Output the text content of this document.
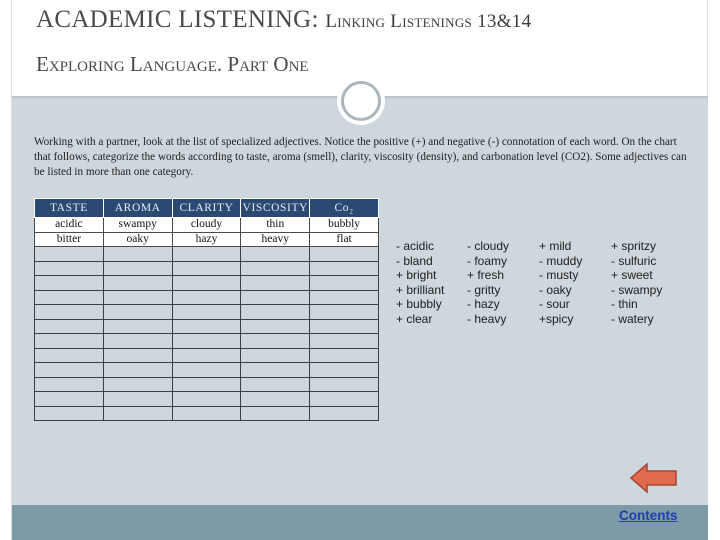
ACADEMIC LISTENING: Linking Listenings 13&14
Exploring Language. Part One
Working with a partner, look at the list of specialized adjectives. Notice the positive (+) and negative (-) connotation of each word. On the chart that follows, categorize the words according to taste, aroma (smell), clarity, viscosity (density), and carbonation level (CO2). Some adjectives can be listed in more than one category.
TASTE	AROMA	CLARITY	VISCOSITY	Co₂
acidic	swampy	cloudy	thin	bubbly
bitter	oaky	hazy	heavy	flat

- acidic
- bland
+ bright
+ brilliant
+ bubbly
+ clear
- cloudy
- foamy
+ fresh
- gritty
- hazy
- heavy
+ mild
- muddy
- musty
- oaky
- sour
+spicy
+ spritzy
- sulfuric
+ sweet
- swampy
- thin
- watery
Contents
